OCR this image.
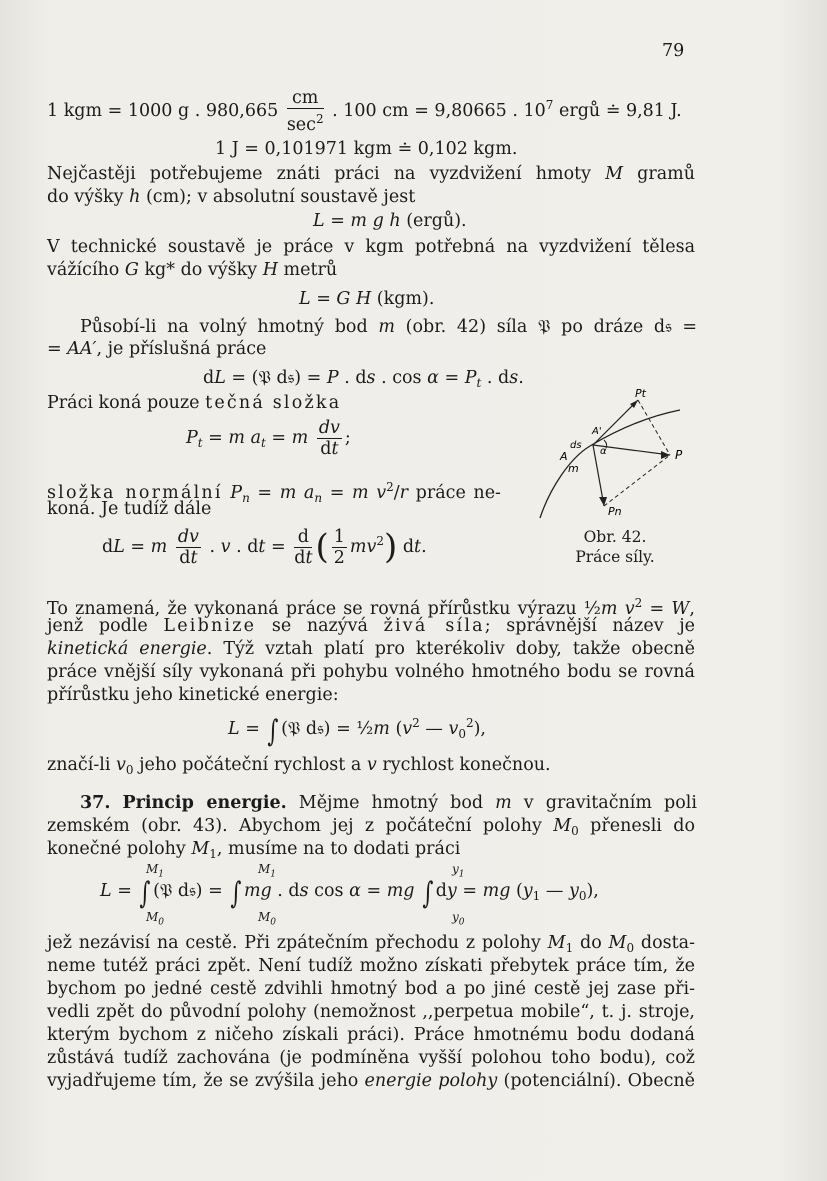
79
1 kgm = 1000 g . $980,665 \frac{cm}{\sec^2}$ . 100 cm = 9,80665 . $10^7$ ergů ≐ 9,81 J.
1 J = 0,101971 kgm ≐ 0,102 kgm.
Nejčastěji potřebujeme znáti práci na vyzdvižení hmoty M gramů
do výšky h (cm); v absolutní soustavě jest
L = m g h (ergů).
V technické soustavě je práce v kgm potřebná na vyzdvižení tělesa
vážícího G kg* do výšky H metrů
L = G H (kgm).
Působí-li na volný hmotný bod m (obr. 42) síla 𝔓 po dráze d𝔰 =
= AA′, je příslušná práce
dL = (𝔓 d𝔰) = P . ds . $\cos \alpha = P_t$ . ds.
Práci koná pouze tečná složka
$P_t = m$ $a_t = m \frac{dv}{dt}$ ;
složka normální $P_n = m$ $a_n = m$ $v^2/r$ práce ne-
koná. Je tudíž dále
dL = m $\frac{dv}{dt}$ . v . dt = $\frac{d}{dt}$ ( $\frac{1}{2} mv^2$) dt.
Pt
A'
ds
α
A
m
P
Pn
Obr. 42.
Práce síly.
To znamená, že vykonaná práce se rovná přírůstku výrazu ½m $v^2 = W$,
jenž podle Leibnize se nazývá živá síla; správnější název je
kinetická energie. Týž vztah platí pro kterékoliv doby, takže obecně
práce vnější síly vykonaná při pohybu volného hmotného bodu se rovná
přírůstku jeho kinetické energie:
L = ∫ (𝔓 d𝔰) = ½m ($v^2$ — $v_0^2$),
značí-li $v_0$ jeho počáteční rychlost a v rychlost konečnou.
37. Princip energie. Mějme hmotný bod m v gravitačním poli
zemském (obr. 43). Abychom jej z počáteční polohy $M_0$ přenesli do
konečné polohy $M_1$, musíme na to dodati práci
L = ∫ (𝔓 d𝔰) = ∫ mg . ds cos α = mg ∫ dy = mg ($y_1$ — $y_0$),
$M_1$
$M_0$
$M_1$
$M_0$
$y_1$
$y_0$
jež nezávisí na cestě. Při zpátečním přechodu z polohy $M_1$ do $M_0$ dosta-
neme tutéž práci zpět. Není tudíž možno získati přebytek práce tím, že
bychom po jedné cestě zdvihli hmotný bod a po jiné cestě jej zase při-
vedli zpět do původní polohy (nemožnost ,,perpetua mobile“, t. j. stroje,
kterým bychom z ničeho získali práci). Práce hmotnému bodu dodaná
zůstává tudíž zachována (je podmíněna vyšší polohou toho bodu), což
vyjadřujeme tím, že se zvýšila jeho energie polohy (potenciální). Obecně
